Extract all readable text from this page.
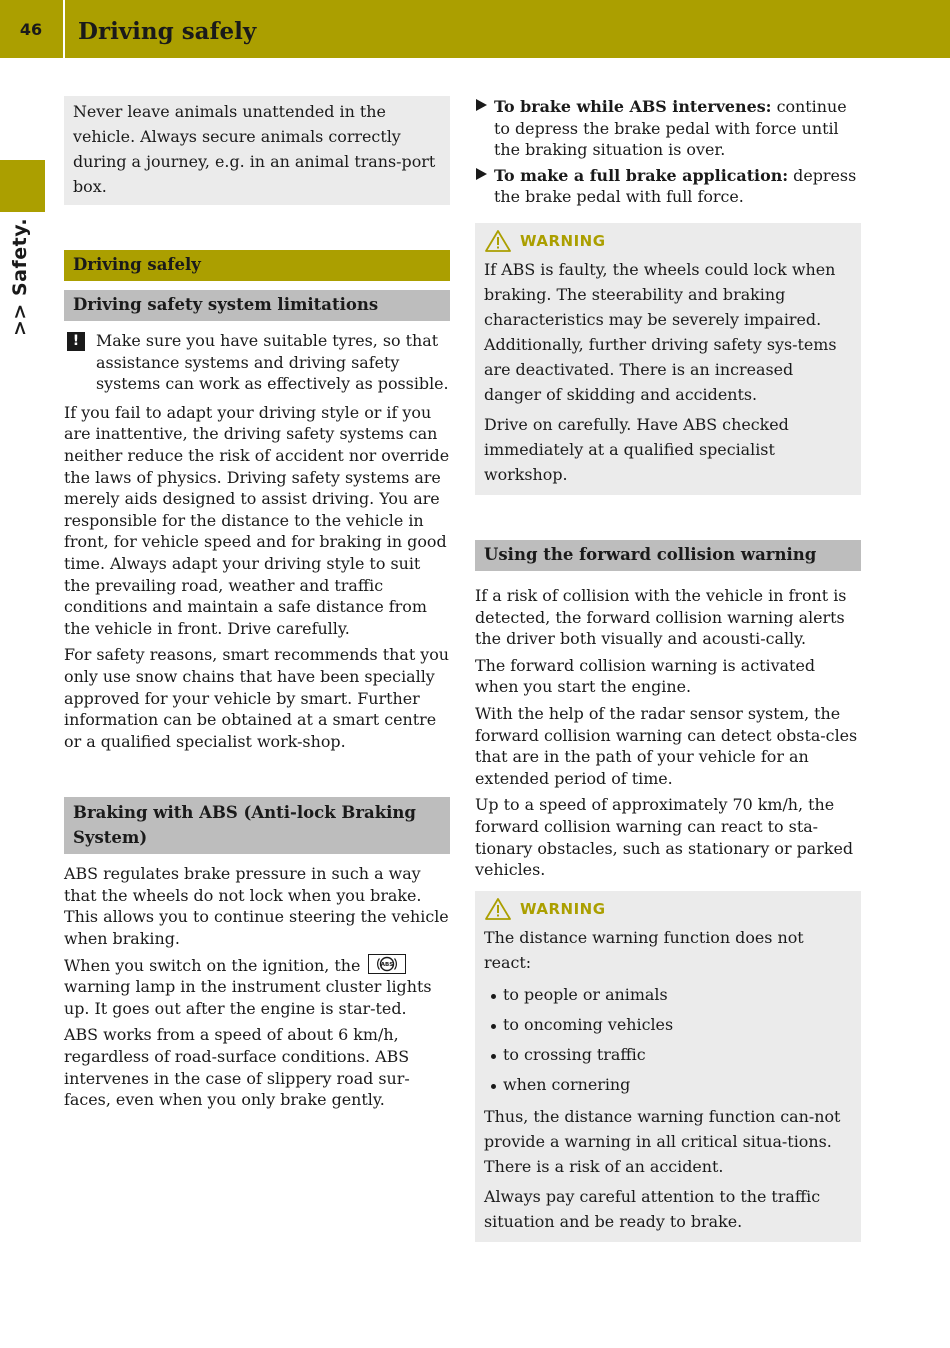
46	Driving safely
>> Safety.

Never leave animals unattended in the vehicle. Always secure animals correctly during a journey, e.g. in an animal trans-port box.

Driving safely
Driving safety system limitations
!	Make sure you have suitable tyres, so that assistance systems and driving safety systems can work as effectively as possible.

If you fail to adapt your driving style or if you are inattentive, the driving safety systems can neither reduce the risk of accident nor override the laws of physics. Driving safety systems are merely aids designed to assist driving. You are responsible for the distance to the vehicle in front, for vehicle speed and for braking in good time. Always adapt your driving style to suit the prevailing road, weather and traffic conditions and maintain a safe distance from the vehicle in front. Drive carefully.

For safety reasons, smart recommends that you only use snow chains that have been specially approved for your vehicle by smart. Further information can be obtained at a smart centre or a qualified specialist work-shop.

Braking with ABS (Anti-lock Braking System)

ABS regulates brake pressure in such a way that the wheels do not lock when you brake. This allows you to continue steering the vehicle when braking.

When you switch on the ignition, the	ABS
warning lamp in the instrument cluster lights up. It goes out after the engine is star-ted.

ABS works from a speed of about 6 km/h, regardless of road-surface conditions. ABS intervenes in the case of slippery road sur-faces, even when you only brake gently.

To brake while ABS intervenes: continue to depress the brake pedal with force until the braking situation is over.
To make a full brake application: depress the brake pedal with full force.
WARNING

If ABS is faulty, the wheels could lock when braking. The steerability and braking characteristics may be severely impaired. Additionally, further driving safety sys-tems are deactivated. There is an increased danger of skidding and accidents.

Drive on carefully. Have ABS checked immediately at a qualified specialist workshop.

Using the forward collision warning

If a risk of collision with the vehicle in front is detected, the forward collision warning alerts the driver both visually and acousti-cally.

The forward collision warning is activated when you start the engine.

With the help of the radar sensor system, the forward collision warning can detect obsta-cles that are in the path of your vehicle for an extended period of time.

Up to a speed of approximately 70 km/h, the forward collision warning can react to sta-tionary obstacles, such as stationary or parked vehicles.

WARNING

The distance warning function does not react:

to people or animals
to oncoming vehicles
to crossing traffic
when cornering

Thus, the distance warning function can-not provide a warning in all critical situa-tions. There is a risk of an accident.

Always pay careful attention to the traffic situation and be ready to brake.
